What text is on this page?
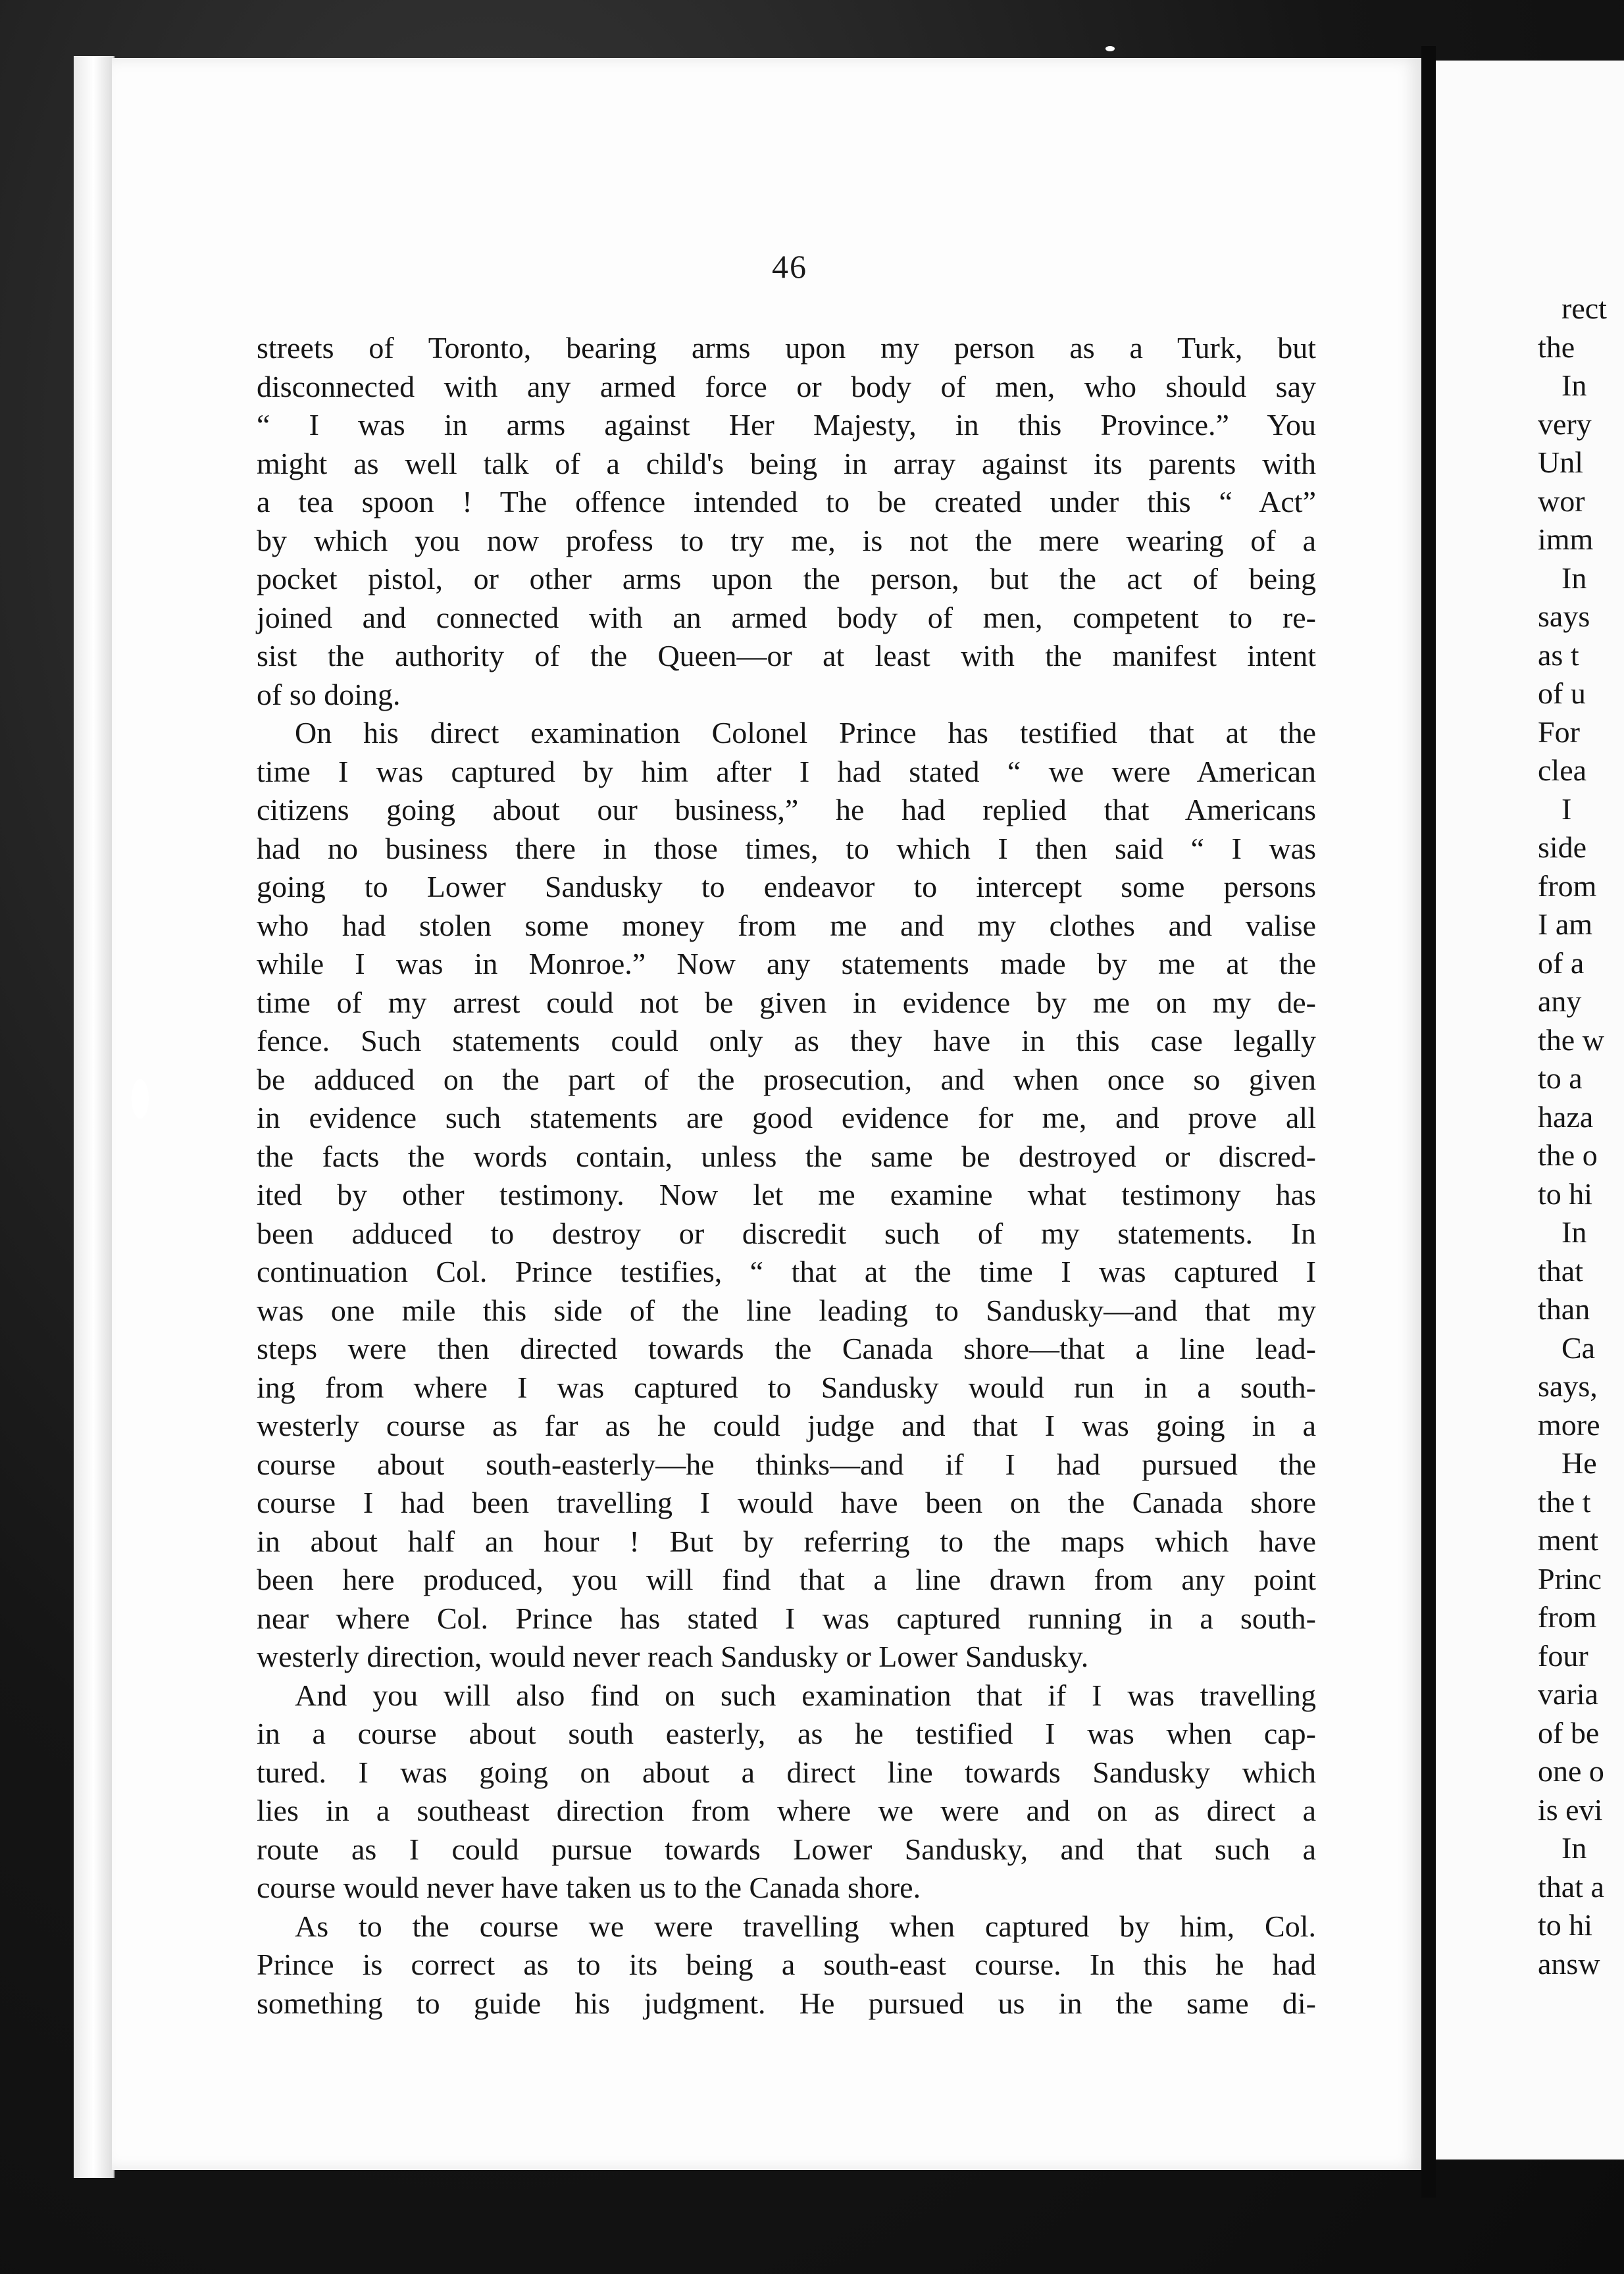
46
streets of Toronto, bearing arms upon my person as a Turk, but
disconnected with any armed force or body of men, who should say
“ I was in arms against Her Majesty, in this Province.” You
might as well talk of a child's being in array against its parents with
a tea spoon ! The offence intended to be created under this “ Act”
by which you now profess to try me, is not the mere wearing of a
pocket pistol, or other arms upon the person, but the act of being
joined and connected with an armed body of men, competent to re-
sist the authority of the Queen—or at least with the manifest intent
of so doing.
On his direct examination Colonel Prince has testified that at the
time I was captured by him after I had stated “ we were American
citizens going about our business,” he had replied that Americans
had no business there in those times, to which I then said “ I was
going to Lower Sandusky to endeavor to intercept some persons
who had stolen some money from me and my clothes and valise
while I was in Monroe.” Now any statements made by me at the
time of my arrest could not be given in evidence by me on my de-
fence. Such statements could only as they have in this case legally
be adduced on the part of the prosecution, and when once so given
in evidence such statements are good evidence for me, and prove all
the facts the words contain, unless the same be destroyed or discred-
ited by other testimony. Now let me examine what testimony has
been adduced to destroy or discredit such of my statements. In
continuation Col. Prince testifies, “ that at the time I was captured I
was one mile this side of the line leading to Sandusky—and that my
steps were then directed towards the Canada shore—that a line lead-
ing from where I was captured to Sandusky would run in a south-
westerly course as far as he could judge and that I was going in a
course about south-easterly—he thinks—and if I had pursued the
course I had been travelling I would have been on the Canada shore
in about half an hour ! But by referring to the maps which have
been here produced, you will find that a line drawn from any point
near where Col. Prince has stated I was captured running in a south-
westerly direction, would never reach Sandusky or Lower Sandusky.
And you will also find on such examination that if I was travelling
in a course about south easterly, as he testified I was when cap-
tured. I was going on about a direct line towards Sandusky which
lies in a southeast direction from where we were and on as direct a
route as I could pursue towards Lower Sandusky, and that such a
course would never have taken us to the Canada shore.
As to the course we were travelling when captured by him, Col.
Prince is correct as to its being a south-east course. In this he had
something to guide his judgment. He pursued us in the same di-
rect
the
In
very
Unl
wor
imm
In
says
as t
of u
For
clea
I
side
from
I am
of a
any
the w
to a
haza
the o
to hi
In
that
than
Ca
says,
more
He
the t
ment
Princ
from
four
varia
of be
one o
is evi
In
that a
to hi
answ
